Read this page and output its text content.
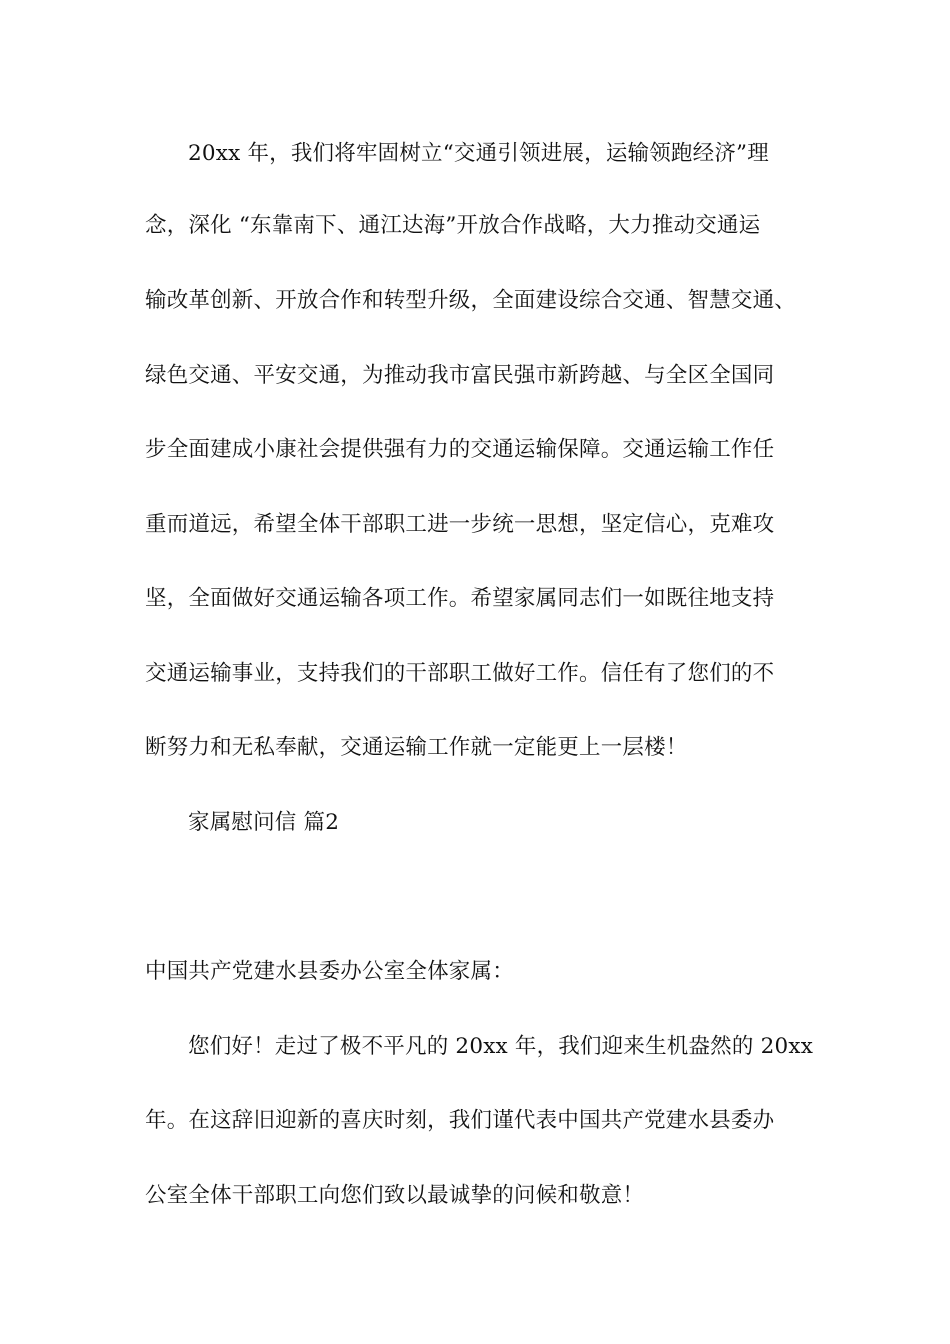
20xx 年，我们将牢固树立“交通引领进展，运输领跑经济”理
念，深化 “东靠南下、通江达海”开放合作战略，大力推动交通运
输改革创新、开放合作和转型升级，全面建设综合交通、智慧交通、
绿色交通、平安交通，为推动我市富民强市新跨越、与全区全国同
步全面建成小康社会提供强有力的交通运输保障。交通运输工作任
重而道远，希望全体干部职工进一步统一思想，坚定信心，克难攻
坚，全面做好交通运输各项工作。希望家属同志们一如既往地支持
交通运输事业，支持我们的干部职工做好工作。信任有了您们的不
断努力和无私奉献，交通运输工作就一定能更上一层楼！
家属慰问信 篇2
中国共产党建水县委办公室全体家属：
您们好！走过了极不平凡的 20xx 年，我们迎来生机盎然的 20xx
年。在这辞旧迎新的喜庆时刻，我们谨代表中国共产党建水县委办
公室全体干部职工向您们致以最诚挚的问候和敬意！
